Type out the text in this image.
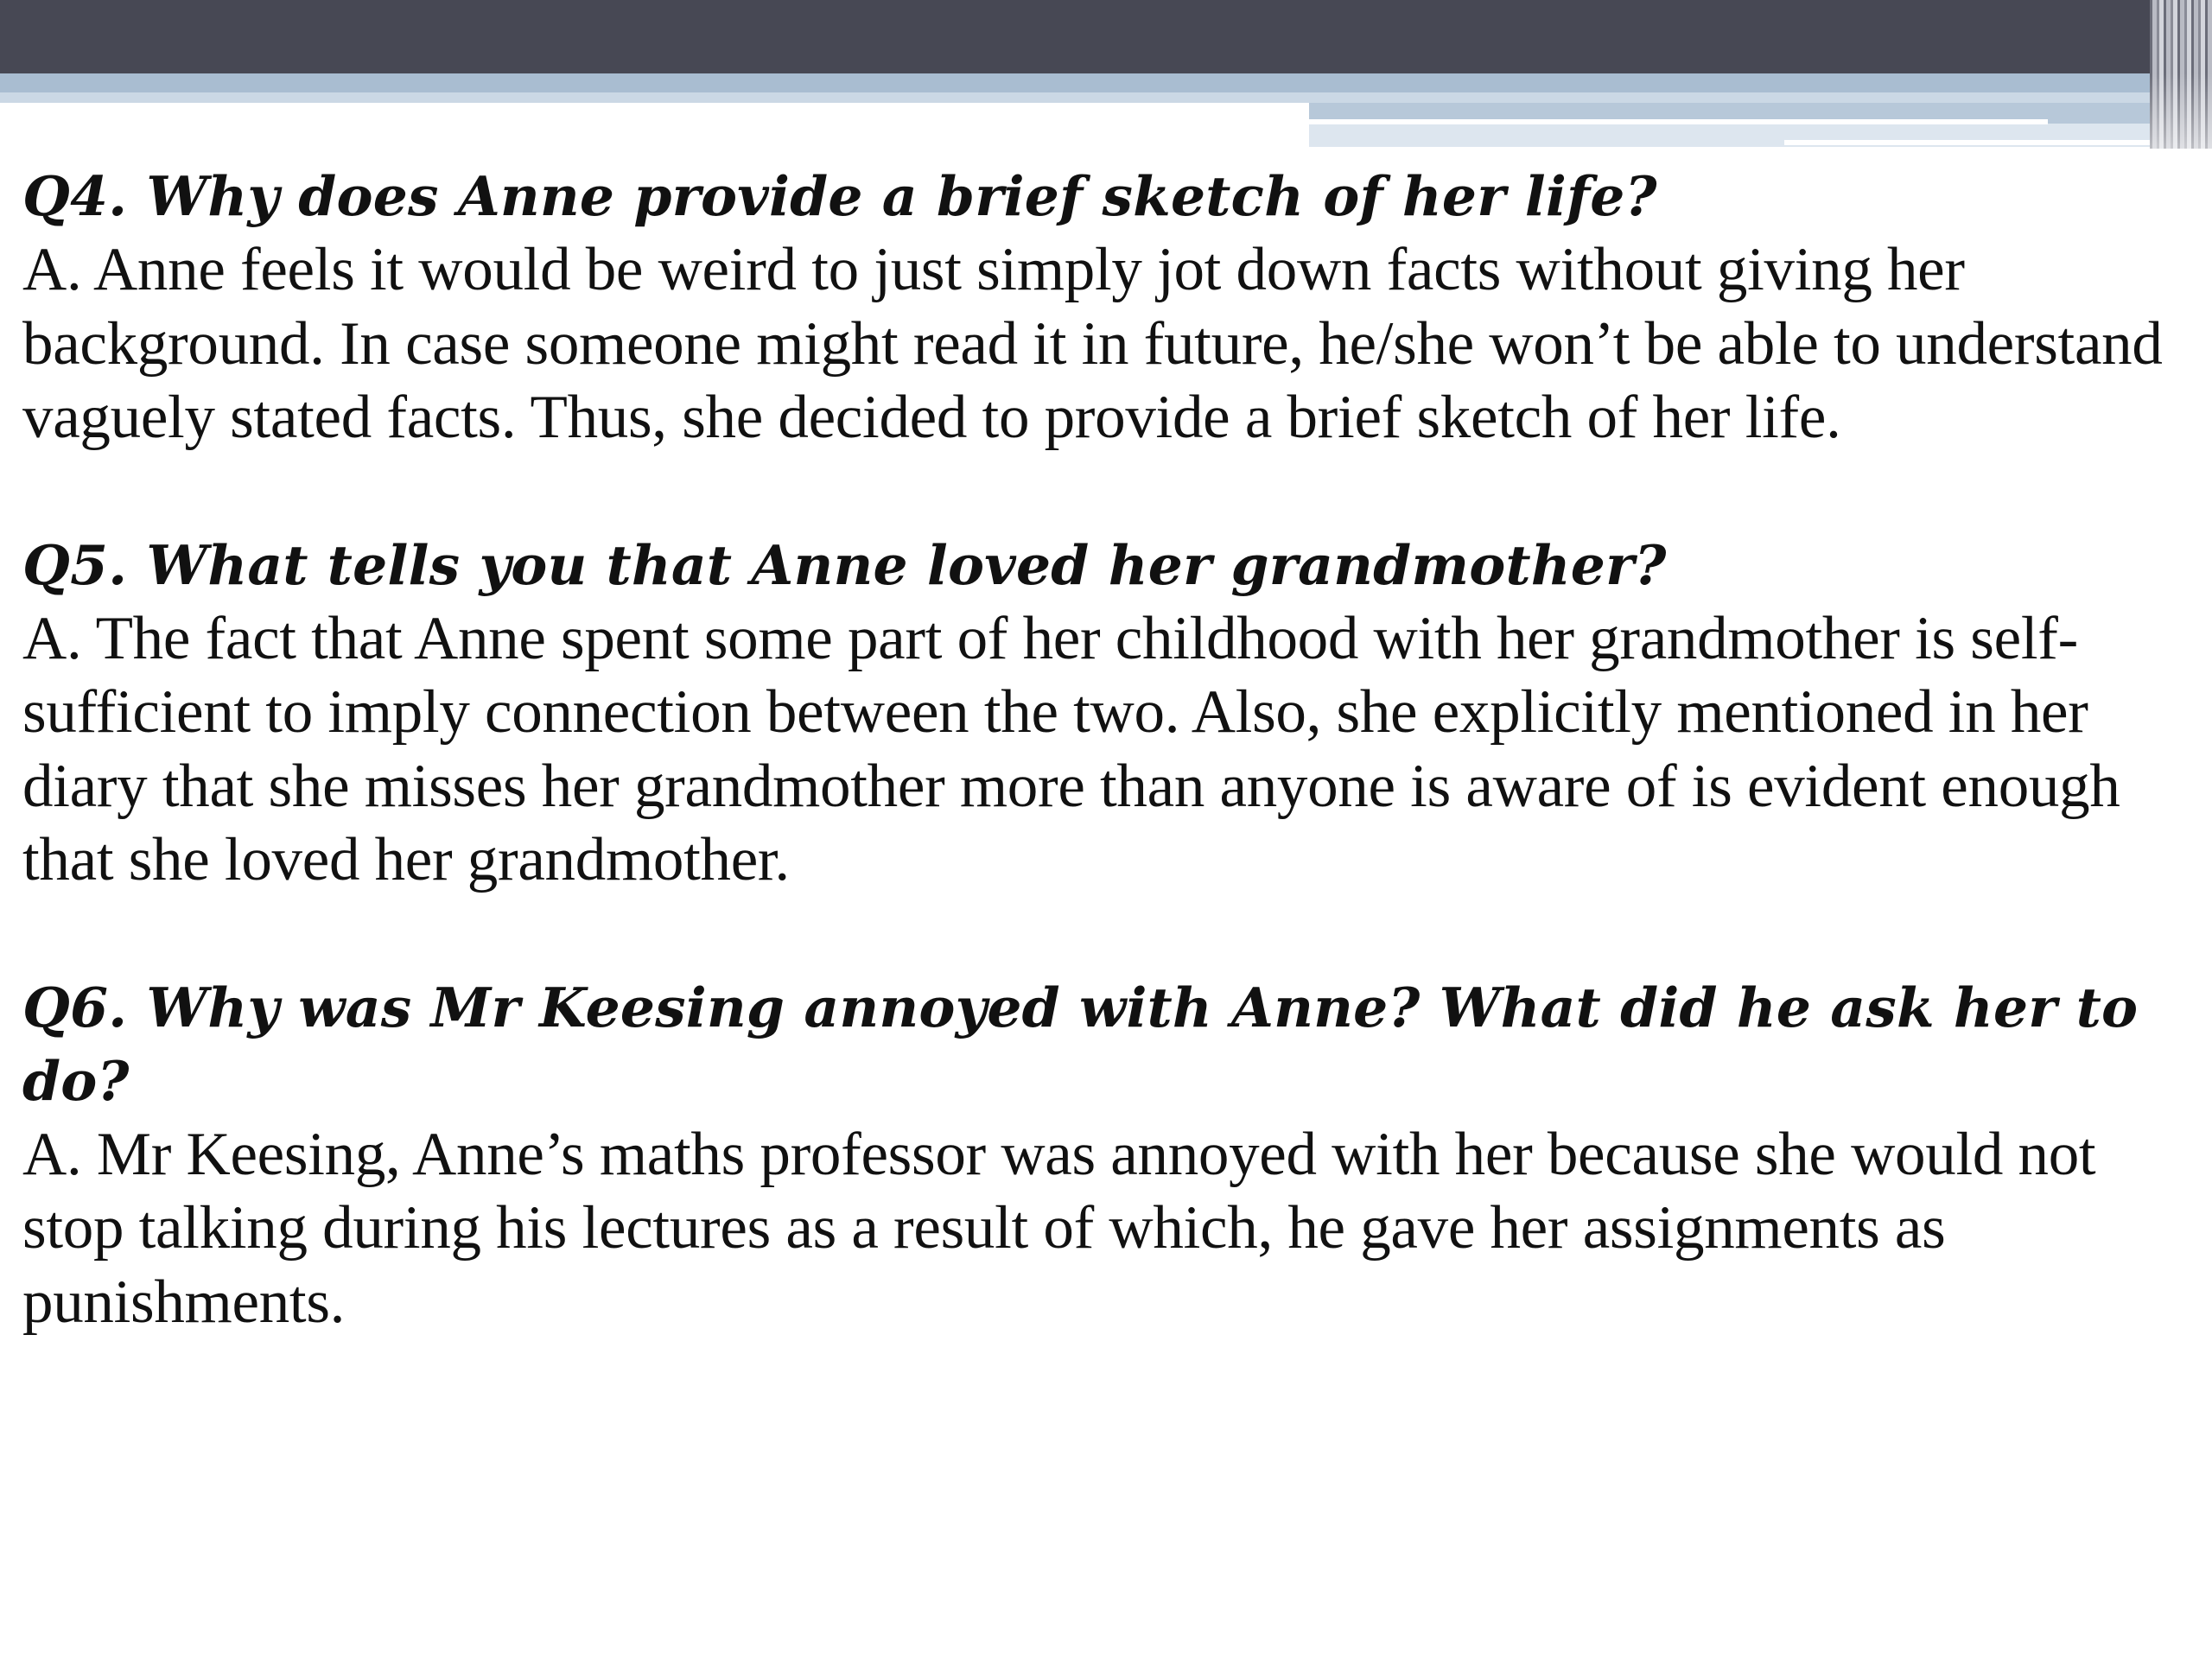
Q4. Why does Anne provide a brief sketch of her life?

A. Anne feels it would be weird to just simply jot down facts without giving her background. In case someone might read it in future, he/she won’t be able to understand vaguely stated facts. Thus, she decided to provide a brief sketch of her life.

Q5. What tells you that Anne loved her grandmother?

A. The fact that Anne spent some part of her childhood with her grandmother is self-sufficient to imply connection between the two. Also, she explicitly mentioned in her diary that she misses her grandmother more than anyone is aware of is evident enough that she loved her grandmother.

Q6. Why was Mr Keesing annoyed with Anne? What did he ask her to do?

A. Mr Keesing, Anne’s maths professor was annoyed with her because she would not stop talking during his lectures as a result of which, he gave her assignments as punishments.
